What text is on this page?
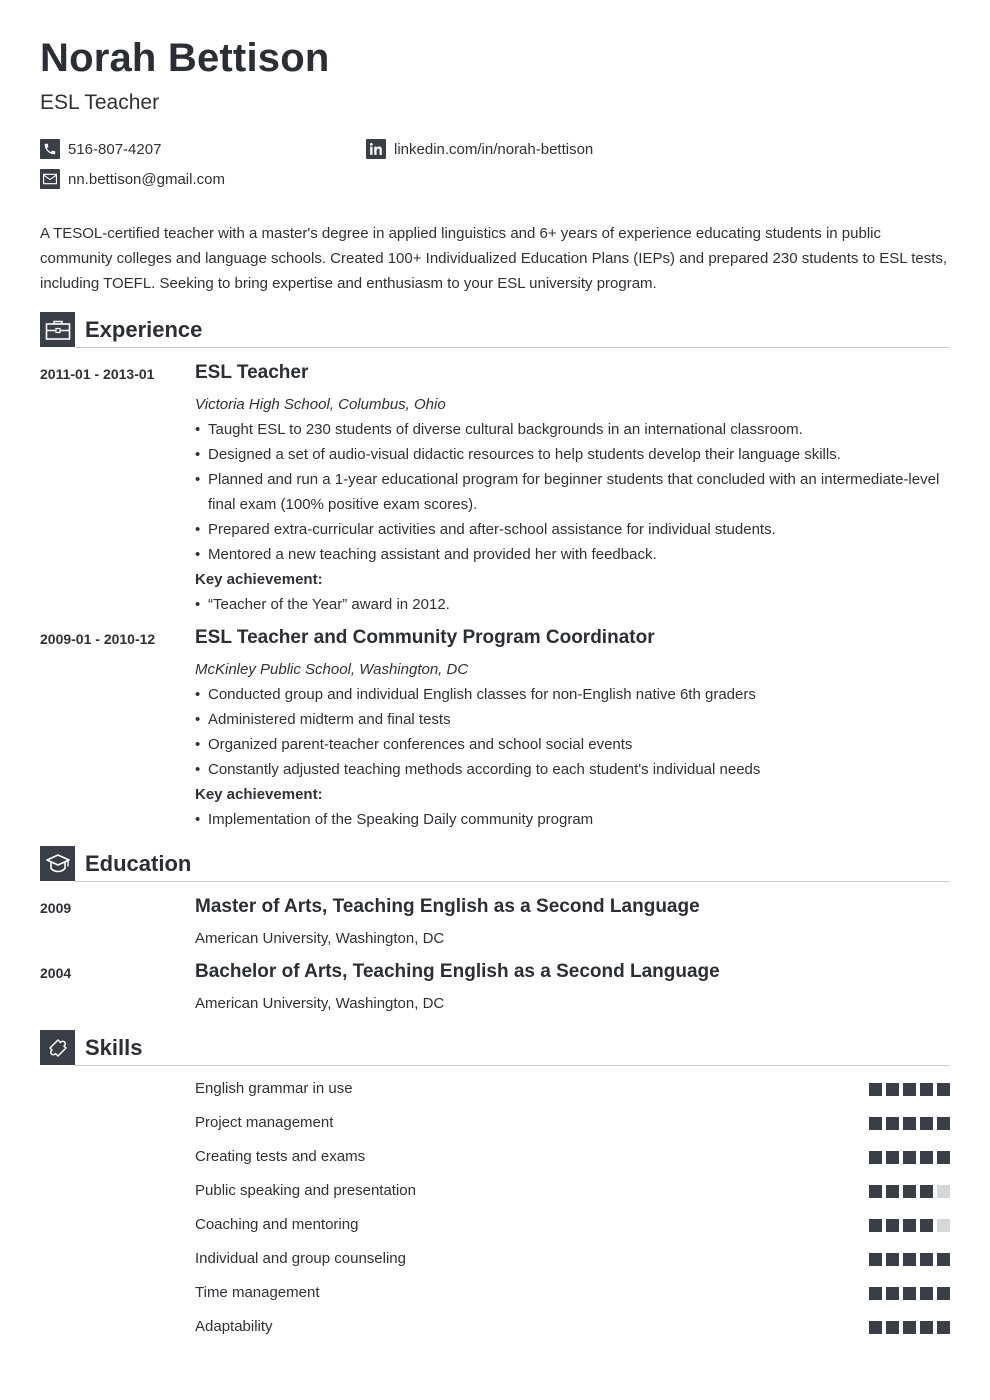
Norah Bettison
ESL Teacher
516-807-4207
nn.bettison@gmail.com
linkedin.com/in/norah-bettison
A TESOL-certified teacher with a master's degree in applied linguistics and 6+ years of experience educating students in public community colleges and language schools. Created 100+ Individualized Education Plans (IEPs) and prepared 230 students to ESL tests, including TOEFL. Seeking to bring expertise and enthusiasm to your ESL university program.
Experience
2011-01 - 2013-01 ESL Teacher
Victoria High School, Columbus, Ohio
• Taught ESL to 230 students of diverse cultural backgrounds in an international classroom.
• Designed a set of audio-visual didactic resources to help students develop their language skills.
• Planned and run a 1-year educational program for beginner students that concluded with an intermediate-level final exam (100% positive exam scores).
• Prepared extra-curricular activities and after-school assistance for individual students.
• Mentored a new teaching assistant and provided her with feedback.
Key achievement:
• “Teacher of the Year” award in 2012.
2009-01 - 2010-12 ESL Teacher and Community Program Coordinator
McKinley Public School, Washington, DC
• Conducted group and individual English classes for non-English native 6th graders
• Administered midterm and final tests
• Organized parent-teacher conferences and school social events
• Constantly adjusted teaching methods according to each student's individual needs
Key achievement:
• Implementation of the Speaking Daily community program
Education
2009	Master of Arts, Teaching English as a Second Language
American University, Washington, DC
2004	Bachelor of Arts, Teaching English as a Second Language
American University, Washington, DC
Skills
English grammar in use
Project management
Creating tests and exams
Public speaking and presentation
Coaching and mentoring
Individual and group counseling
Time management
Adaptability
